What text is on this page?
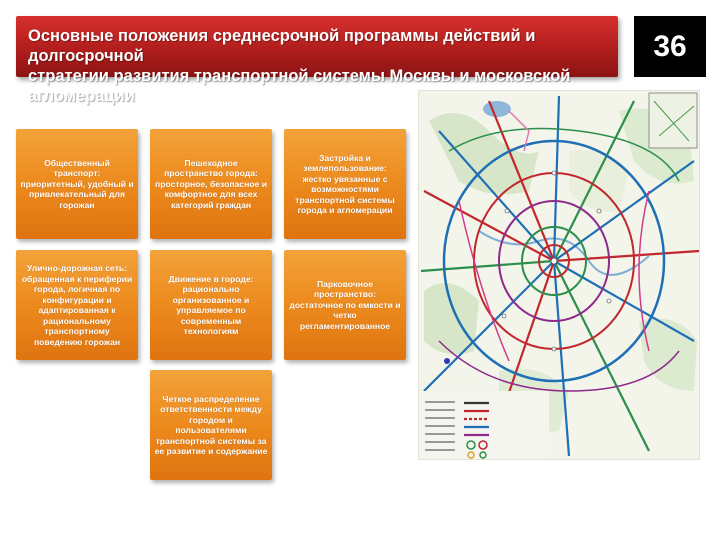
Основные положения среднесрочной программы действий и долгосрочной
стратегии развития транспортной системы Москвы и московской агломерации
36
Общественный транспорт: приоритетный, удобный и привлекательный для горожан
Пешеходное пространство города: просторное, безопасное и комфортное для всех категорий граждан
Застройка и землепользование: жестко увязанные с возможностями транспортной системы города и агломерации
Улично-дорожная сеть: обращенная к периферии города, логичная по конфигурации и адаптированная к рациональному транспортному поведению горожан
Движение в городе: рационально организованное и управляемое по современным технологиям
Парковочное пространство: достаточное по емкости и четко регламентированное
Четкое распределение ответственности между городом и пользователями транспортной системы за ее развитие и содержание
